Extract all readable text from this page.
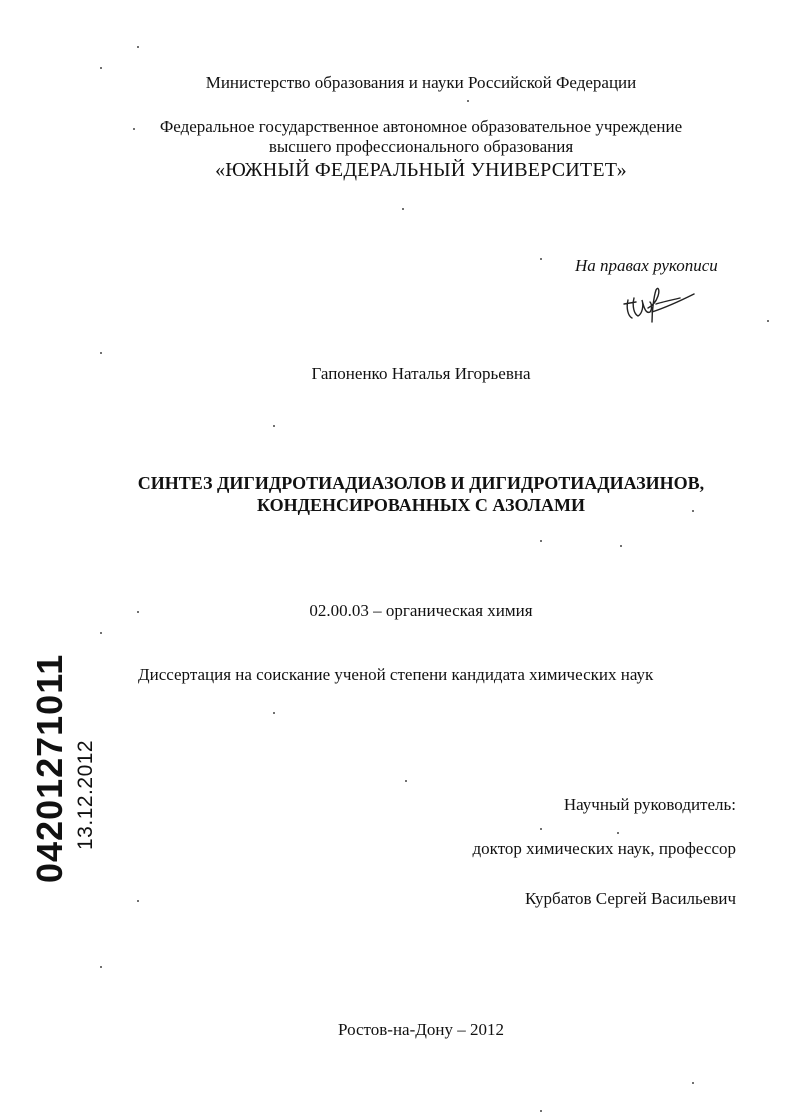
Министерство образования и науки Российской Федерации
Федеральное государственное автономное образовательное учреждение
высшего профессионального образования
«ЮЖНЫЙ ФЕДЕРАЛЬНЫЙ УНИВЕРСИТЕТ»
На правах рукописи
Гапоненко Наталья Игорьевна
СИНТЕЗ ДИГИДРОТИАДИАЗОЛОВ И ДИГИДРОТИАДИАЗИНОВ,
КОНДЕНСИРОВАННЫХ С АЗОЛАМИ
02.00.03 – органическая химия
Диссертация на соискание ученой степени кандидата химических наук
Научный руководитель:
доктор химических наук, профессор
Курбатов Сергей Васильевич
Ростов-на-Дону – 2012
04201271011 13.12.2012
